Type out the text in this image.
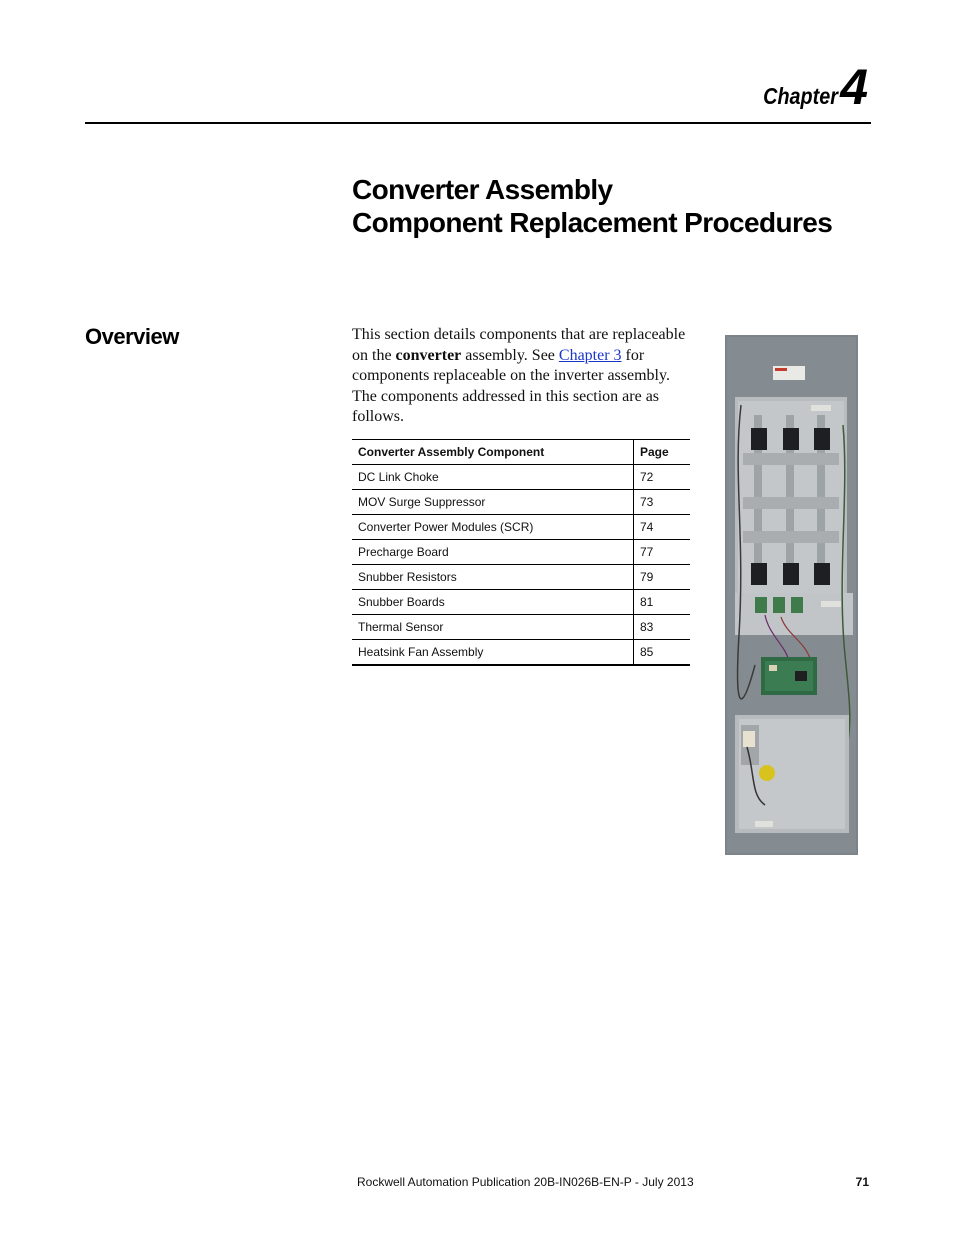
Chapter4
Converter Assembly
Component Replacement Procedures
Overview	This section details components that are replaceable on the converter assembly. See Chapter 3 for components replaceable on the inverter assembly. The components addressed in this section are as follows.

Converter Assembly Component	Page
DC Link Choke	72
MOV Surge Suppressor	73
Converter Power Modules (SCR)	74
Precharge Board	77
Snubber Resistors	79
Snubber Boards	81
Thermal Sensor	83
Heatsink Fan Assembly	85
Rockwell Automation Publication 20B-IN026B-EN-P - July 2013	71
